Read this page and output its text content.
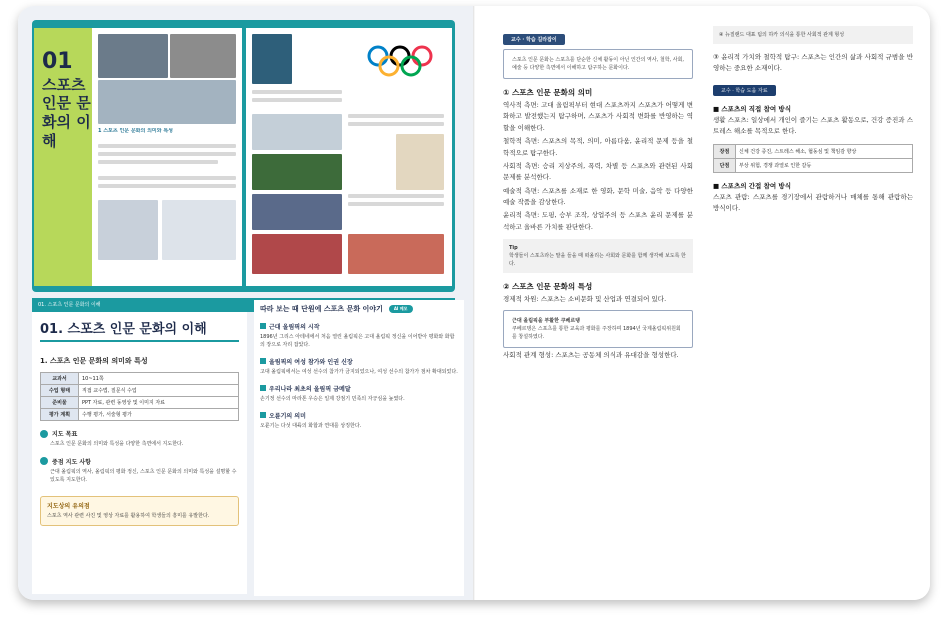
01
스포츠 인문 문화의 이해
1 스포츠 인문 문화의 의미와 특성
01. 스포츠 인문 문화의 이해
01. 스포츠 인문 문화의 이해
1. 스포츠 인문 문화의 의미와 특성
교과서	10~11쪽
수업 형태	직접 교수법, 질문식 수업
준비물	PPT 자료, 관련 동영상 및 이미지 자료
평가 계획	수행 평가, 서술형 평가
지도 목표
스포츠 인문 문화의 의미와 특성을 다양한 측면에서 지도한다.
중점 지도 사항
근대 올림픽의 역사, 올림픽의 평화 정신, 스포츠 인문 문화의 의미와 특성을 설명할 수 있도록 지도한다.
지도상의 유의점
스포츠 역사 관련 사진 및 영상 자료를 활용하여 학생들의 흥미를 유발한다.
따라 보는 때 단원에 스포츠 문화 이야기	AI 메모
근대 올림픽의 시작
1896년 그리스 아테네에서 처음 열린 올림픽은 고대 올림픽 정신을 이어받아 평화와 화합의 장으로 자리 잡았다.
올림픽의 여성 참가와 인권 신장
고대 올림픽에서는 여성 선수의 참가가 금지되었으나, 여성 선수의 참가가 점차 확대되었다.
우리나라 최초의 올림픽 금메달
손기정 선수의 마라톤 우승은 일제 강점기 민족의 자긍심을 높였다.
오륜기의 의미
오륜기는 다섯 대륙의 화합과 연대를 상징한다.
교수 · 학습 길라잡이
스포츠 인문 문화는 스포츠를 단순한 신체 활동이 아닌 인간의 역사, 철학, 사회, 예술 등 다양한 측면에서 이해하고 탐구하는 문화이다.
① 스포츠 인문 문화의 의미
역사적 측면: 고대 올림픽부터 현대 스포츠까지 스포츠가 어떻게 변화하고 발전했는지 탐구하며, 스포츠가 사회적 변화를 반영하는 역할을 이해한다.
철학적 측면: 스포츠의 목적, 의미, 아름다움, 윤리적 문제 등을 철학적으로 탐구한다.
사회적 측면: 승리 지상주의, 폭력, 차별 등 스포츠와 관련된 사회 문제를 분석한다.
예술적 측면: 스포츠를 소재로 한 영화, 문학 미술, 음악 등 다양한 예술 작품을 감상한다.
윤리적 측면: 도핑, 승부 조작, 상업주의 등 스포츠 윤리 문제를 분석하고 올바른 가치를 판단한다.
Tip
학생들이 스포츠라는 말을 들을 때 떠올리는 사회와 문화를 함께 생각해 보도록 한다.
② 스포츠 인문 문화의 특성
경제적 차원: 스포츠는 소비문화 및 산업과 연결되어 있다.
근대 올림픽을 부활한 쿠베르탱
쿠베르탱은 스포츠를 통한 교육과 평화를 주장하며 1894년 국제올림픽위원회를 창설하였다.
사회적 관계 형성: 스포츠는 공동체 의식과 유대감을 형성한다.
④ 뉴질랜드 대표 팀의 하카 의식을 통한 사회적 관계 형성
③ 윤리적 가치와 철학적 탐구: 스포츠는 인간의 삶과 사회적 규범을 반영하는 중요한 소재이다.
교수 · 학습 도움 자료
■ 스포츠의 직접 참여 방식
생활 스포츠: 일상에서 개인이 즐기는 스포츠 활동으로, 건강 증진과 스트레스 해소를 목적으로 한다.
장점	신체 건강 증진, 스트레스 해소, 협동심 및 책임감 향상
단점	부상 위험, 경쟁 과열로 인한 갈등
■ 스포츠의 간접 참여 방식
스포츠 관람: 스포츠를 경기장에서 관람하거나 매체를 통해 관람하는 방식이다.
